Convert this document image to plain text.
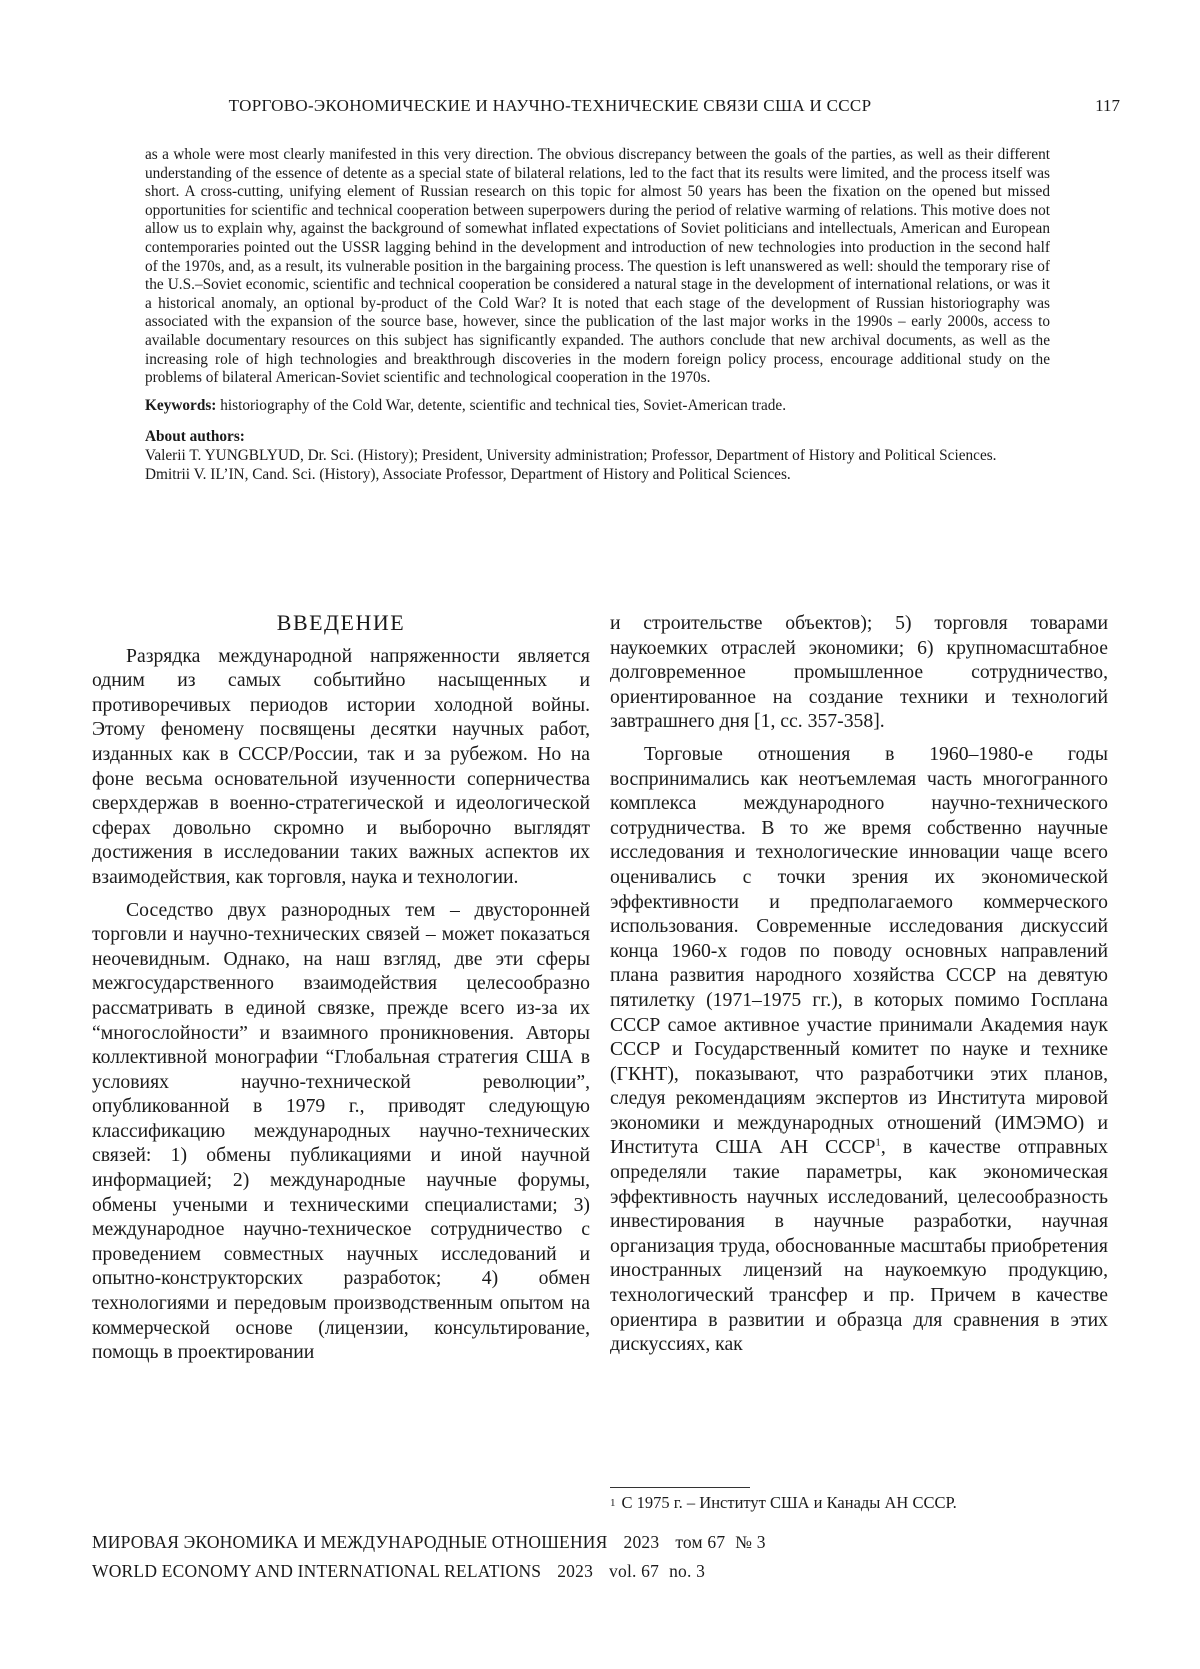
ТОРГОВО-ЭКОНОМИЧЕСКИЕ И НАУЧНО-ТЕХНИЧЕСКИЕ СВЯЗИ США И СССР	117

as a whole were most clearly manifested in this very direction. The obvious discrepancy between the goals of the parties, as well as their different understanding of the essence of detente as a special state of bilateral relations, led to the fact that its results were limited, and the process itself was short. A cross-cutting, unifying element of Russian research on this topic for almost 50 years has been the fixation on the opened but missed opportunities for scientific and technical cooperation between superpowers during the period of relative warming of relations. This motive does not allow us to explain why, against the background of somewhat inflated expectations of Soviet politicians and intellectuals, American and European contemporaries pointed out the USSR lagging behind in the development and introduction of new technologies into production in the second half of the 1970s, and, as a result, its vulnerable position in the bargaining process. The question is left unanswered as well: should the temporary rise of the U.S.–Soviet economic, scientific and technical cooperation be considered a natural stage in the development of international relations, or was it a historical anomaly, an optional by-product of the Cold War? It is noted that each stage of the development of Russian historiography was associated with the expansion of the source base, however, since the publication of the last major works in the 1990s – early 2000s, access to available documentary resources on this subject has significantly expanded. The authors conclude that new archival documents, as well as the increasing role of high technologies and breakthrough discoveries in the modern foreign policy process, encourage additional study on the problems of bilateral American-Soviet scientific and technological cooperation in the 1970s.

Keywords: historiography of the Cold War, detente, scientific and technical ties, Soviet-American trade.

About authors:
Valerii T. YUNGBLYUD, Dr. Sci. (History); President, University administration; Professor, Department of History and Political Sciences.
Dmitrii V. IL’IN, Cand. Sci. (History), Associate Professor, Department of History and Political Sciences.

ВВЕДЕНИЕ

Разрядка международной напряженности является одним из самых событийно насыщенных и противоречивых периодов истории холодной войны. Этому феномену посвящены десятки научных работ, изданных как в СССР/России, так и за рубежом. Но на фоне весьма основательной изученности соперничества сверхдержав в военно-стратегической и идеологической сферах довольно скромно и выборочно выглядят достижения в исследовании таких важных аспектов их взаимодействия, как торговля, наука и технологии.

Соседство двух разнородных тем – двусторонней торговли и научно-технических связей – может показаться неочевидным. Однако, на наш взгляд, две эти сферы межгосударственного взаимодействия целесообразно рассматривать в единой связке, прежде всего из-за их “многослойности” и взаимного проникновения. Авторы коллективной монографии “Глобальная стратегия США в условиях научно-технической революции”, опубликованной в 1979 г., приводят следующую классификацию международных научно-технических связей: 1) обмены публикациями и иной научной информацией; 2) международные научные форумы, обмены учеными и техническими специалистами; 3) международное научно-техническое сотрудничество с проведением совместных научных исследований и опытно-конструкторских разработок; 4) обмен технологиями и передовым производственным опытом на коммерческой основе (лицензии, консультирование, помощь в проектировании

и строительстве объектов); 5) торговля товарами наукоемких отраслей экономики; 6) крупномасштабное долговременное промышленное сотрудничество, ориентированное на создание техники и технологий завтрашнего дня [1, сс. 357-358].

Торговые отношения в 1960–1980-е годы воспринимались как неотъемлемая часть многогранного комплекса международного научно-технического сотрудничества. В то же время собственно научные исследования и технологические инновации чаще всего оценивались с точки зрения их экономической эффективности и предполагаемого коммерческого использования. Современные исследования дискуссий конца 1960-х годов по поводу основных направлений плана развития народного хозяйства СССР на девятую пятилетку (1971–1975 гг.), в которых помимо Госплана СССР самое активное участие принимали Академия наук СССР и Государственный комитет по науке и технике (ГКНТ), показывают, что разработчики этих планов, следуя рекомендациям экспертов из Института мировой экономики и международных отношений (ИМЭМО) и Института США АН СССР$^1$, в качестве отправных определяли такие параметры, как экономическая эффективность научных исследований, целесообразность инвестирования в научные разработки, научная организация труда, обоснованные масштабы приобретения иностранных лицензий на наукоемкую продукцию, технологический трансфер и пр. Причем в качестве ориентира в развитии и образца для сравнения в этих дискуссиях, как

$^1$ С 1975 г. – Институт США и Канады АН СССР.
МИРОВАЯ ЭКОНОМИКА И МЕЖДУНАРОДНЫЕ ОТНОШЕНИЯ 2023 том 67 № 3
WORLD ECONOMY AND INTERNATIONAL RELATIONS 2023 vol. 67 no. 3
